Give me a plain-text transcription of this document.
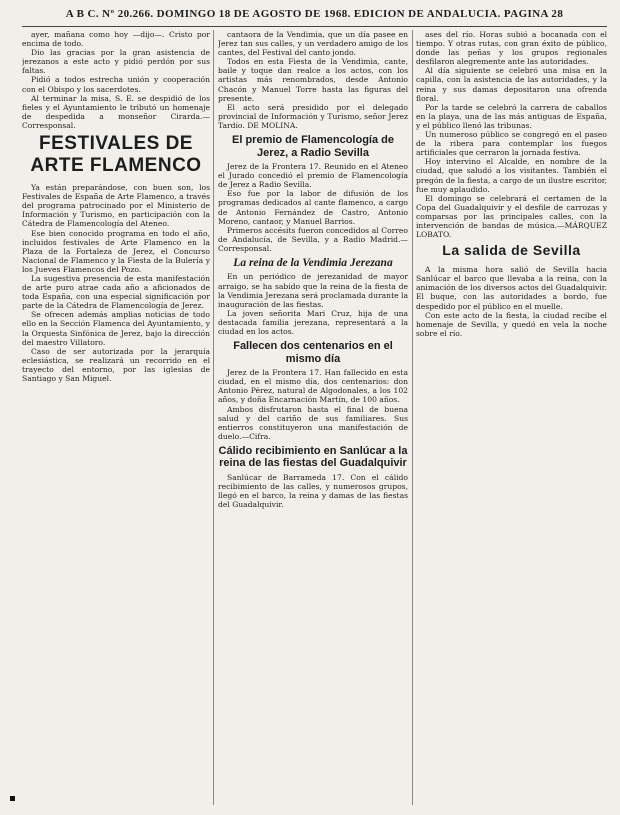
A B C. Nº 20.266. DOMINGO 18 DE AGOSTO DE 1968. EDICION DE ANDALUCIA. PAGINA 28

ayer, mañana como hoy —dijo—. Cristo por encima de todo.

Dio las gracias por la gran asistencia de jerezanos a este acto y pidió perdón por sus faltas.

Pidió a todos estrecha unión y cooperación con el Obispo y los sacerdotes.

Al terminar la misa, S. E. se despidió de los fieles y el Ayuntamiento le tributó un homenaje de despedida a monseñor Cirarda.—Corresponsal.

FESTIVALES DE ARTE FLAMENCO

Ya están preparándose, con buen son, los Festivales de España de Arte Flamenco, a través del programa patrocinado por el Ministerio de Información y Turismo, en participación con la Cátedra de Flamencología del Ateneo.

Ese bien conocido programa en todo el año, incluidos festivales de Arte Flamenco en la Plaza de la Fortaleza de Jerez, el Concurso Nacional de Flamenco y la Fiesta de la Bulería y los Jueves Flamencos del Pozo.

La sugestiva presencia de esta manifestación de arte puro atrae cada año a aficionados de toda España, con una especial significación por parte de la Cátedra de Flamencología de Jerez.

Se ofrecen además amplias noticias de todo ello en la Sección Flamenca del Ayuntamiento, y la Orquesta Sinfónica de Jerez, bajo la dirección del maestro Villatoro.

Caso de ser autorizada por la jerarquía eclesiástica, se realizará un recorrido en el trayecto del entorno, por las iglesias de Santiago y San Miguel.

cantaora de la Vendimia, que un día pasee en Jerez tan sus calles, y un verdadero amigo de los cantes, del Festival del canto jondo.

Todos en esta Fiesta de la Vendimia, cante, baile y toque dan realce a los actos, con los artistas más renombrados, desde Antonio Chacón y Manuel Torre hasta las figuras del presente.

El acto será presidido por el delegado provincial de Información y Turismo, señor Jerez Tardío. DE MOLINA.

El premio de Flamencología de Jerez, a Radio Sevilla

Jerez de la Frontera 17. Reunido en el Ateneo el Jurado concedió el premio de Flamencología de Jerez a Radio Sevilla.

Eso fue por la labor de difusión de los programas dedicados al cante flamenco, a cargo de Antonio Fernández de Castro, Antonio Moreno, cantaor, y Manuel Barrios.

Primeros accésits fueron concedidos al Correo de Andalucía, de Sevilla, y a Radio Madrid.—Corresponsal.

La reina de la Vendimia Jerezana

En un periódico de jerezanidad de mayor arraigo, se ha sabido que la reina de la fiesta de la Vendimia Jerezana será proclamada durante la inauguración de las fiestas.

La joven señorita Mari Cruz, hija de una destacada familia jerezana, representará a la ciudad en los actos.

Fallecen dos centenarios en el mismo día

Jerez de la Frontera 17. Han fallecido en esta ciudad, en el mismo día, dos centenarios: don Antonio Pérez, natural de Algodonales, a los 102 años, y doña Encarnación Martín, de 100 años.

Ambos disfrutaron hasta el final de buena salud y del cariño de sus familiares. Sus entierros constituyeron una manifestación de duelo.—Cifra.

Cálido recibimiento en Sanlúcar a la reina de las fiestas del Guadalquivir

Sanlúcar de Barrameda 17. Con el cálido recibimiento de las calles, y numerosos grupos, llegó en el barco, la reina y damas de las fiestas del Guadalquivir.

ases del río. Horas subió a bocanada con el tiempo. Y otras rutas, con gran éxito de público, donde las peñas y los grupos regionales desfilaron alegremente ante las autoridades.

Al día siguiente se celebró una misa en la capilla, con la asistencia de las autoridades, y la reina y sus damas depositaron una ofrenda floral.

Por la tarde se celebró la carrera de caballos en la playa, una de las más antiguas de España, y el público llenó las tribunas.

Un numeroso público se congregó en el paseo de la ribera para contemplar los fuegos artificiales que cerraron la jornada festiva.

Hoy intervino el Alcalde, en nombre de la ciudad, que saludó a los visitantes. También el pregón de la fiesta, a cargo de un ilustre escritor, fue muy aplaudido.

El domingo se celebrará el certamen de la Copa del Guadalquivir y el desfile de carrozas y comparsas por las principales calles, con la intervención de bandas de música.—MÁRQUEZ LOBATO.

La salida de Sevilla

A la misma hora salió de Sevilla hacia Sanlúcar el barco que llevaba a la reina, con la animación de los diversos actos del Guadalquivir. El buque, con las autoridades a bordo, fue despedido por el público en el muelle.

Con este acto de la fiesta, la ciudad recibe el homenaje de Sevilla, y quedó en vela la noche sobre el río.
